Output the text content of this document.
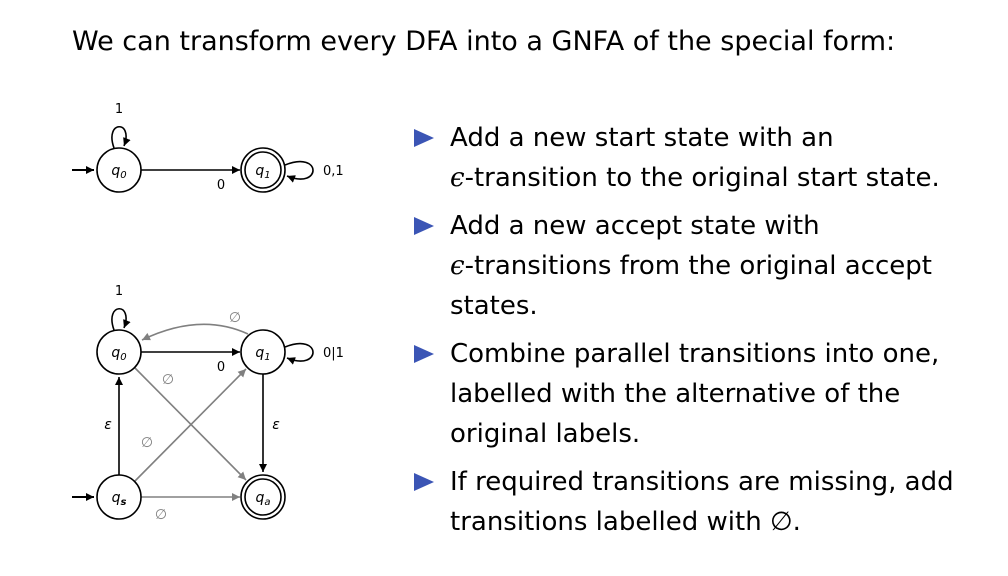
We can transform every DFA into a GNFA of the special form:
$q_0$
1
0
$q_1$	0,1
1
∅
0
0|1
∅
∅
ε	ε
∅
$q_0$	$q_1$
$q_s$	$q_a$
Add a new start state with an
ϵ-transition to the original start state.
Add a new accept state with
ϵ-transitions from the original accept
states.
Combine parallel transitions into one,
labelled with the alternative of the
original labels.
If required transitions are missing, add
transitions labelled with ∅.
